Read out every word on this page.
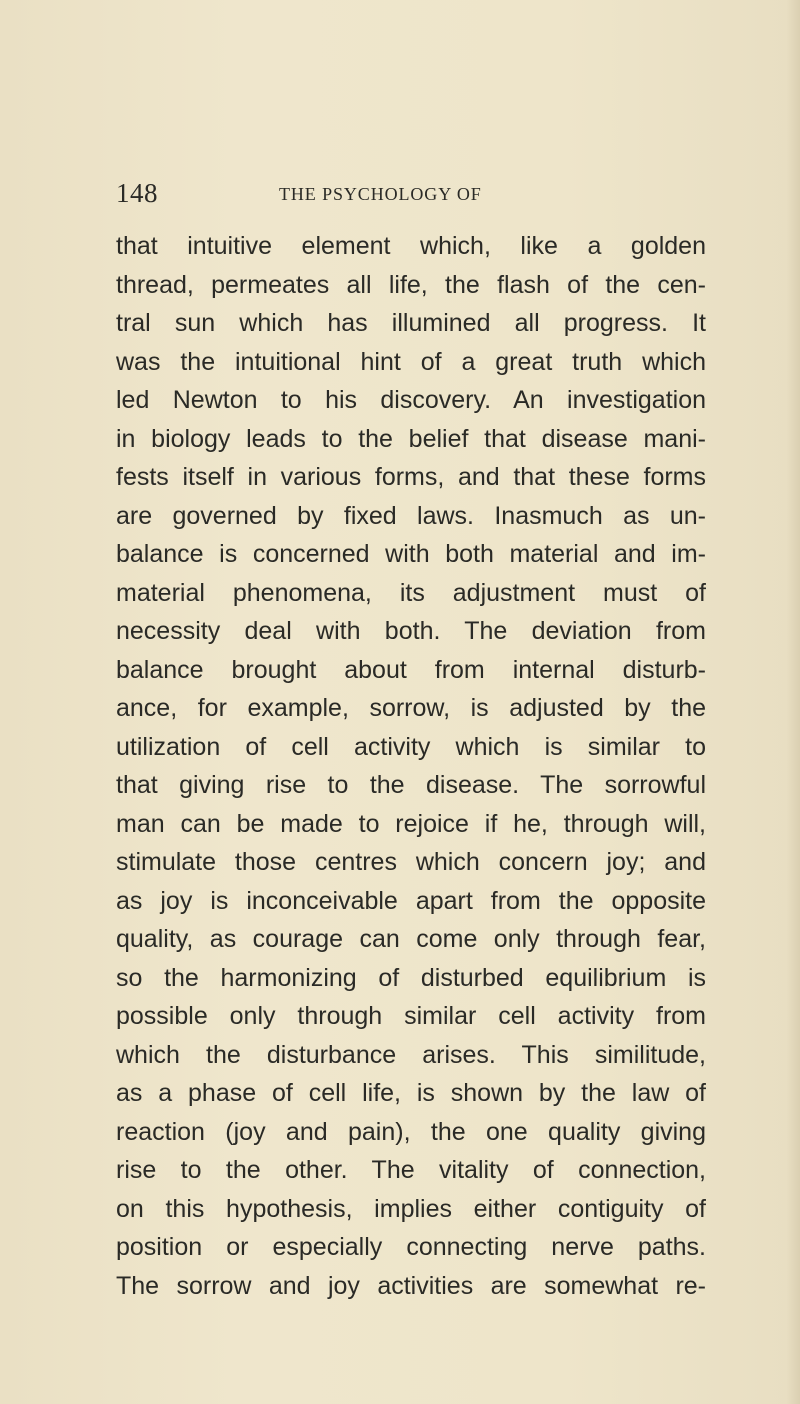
148	THE PSYCHOLOGY OF
that intuitive element which, like a golden
thread, permeates all life, the flash of the cen-
tral sun which has illumined all progress. It
was the intuitional hint of a great truth which
led Newton to his discovery. An investigation
in biology leads to the belief that disease mani-
fests itself in various forms, and that these forms
are governed by fixed laws. Inasmuch as un-
balance is concerned with both material and im-
material phenomena, its adjustment must of
necessity deal with both. The deviation from
balance brought about from internal disturb-
ance, for example, sorrow, is adjusted by the
utilization of cell activity which is similar to
that giving rise to the disease. The sorrowful
man can be made to rejoice if he, through will,
stimulate those centres which concern joy; and
as joy is inconceivable apart from the opposite
quality, as courage can come only through fear,
so the harmonizing of disturbed equilibrium is
possible only through similar cell activity from
which the disturbance arises. This similitude,
as a phase of cell life, is shown by the law of
reaction (joy and pain), the one quality giving
rise to the other. The vitality of connection,
on this hypothesis, implies either contiguity of
position or especially connecting nerve paths.
The sorrow and joy activities are somewhat re-
